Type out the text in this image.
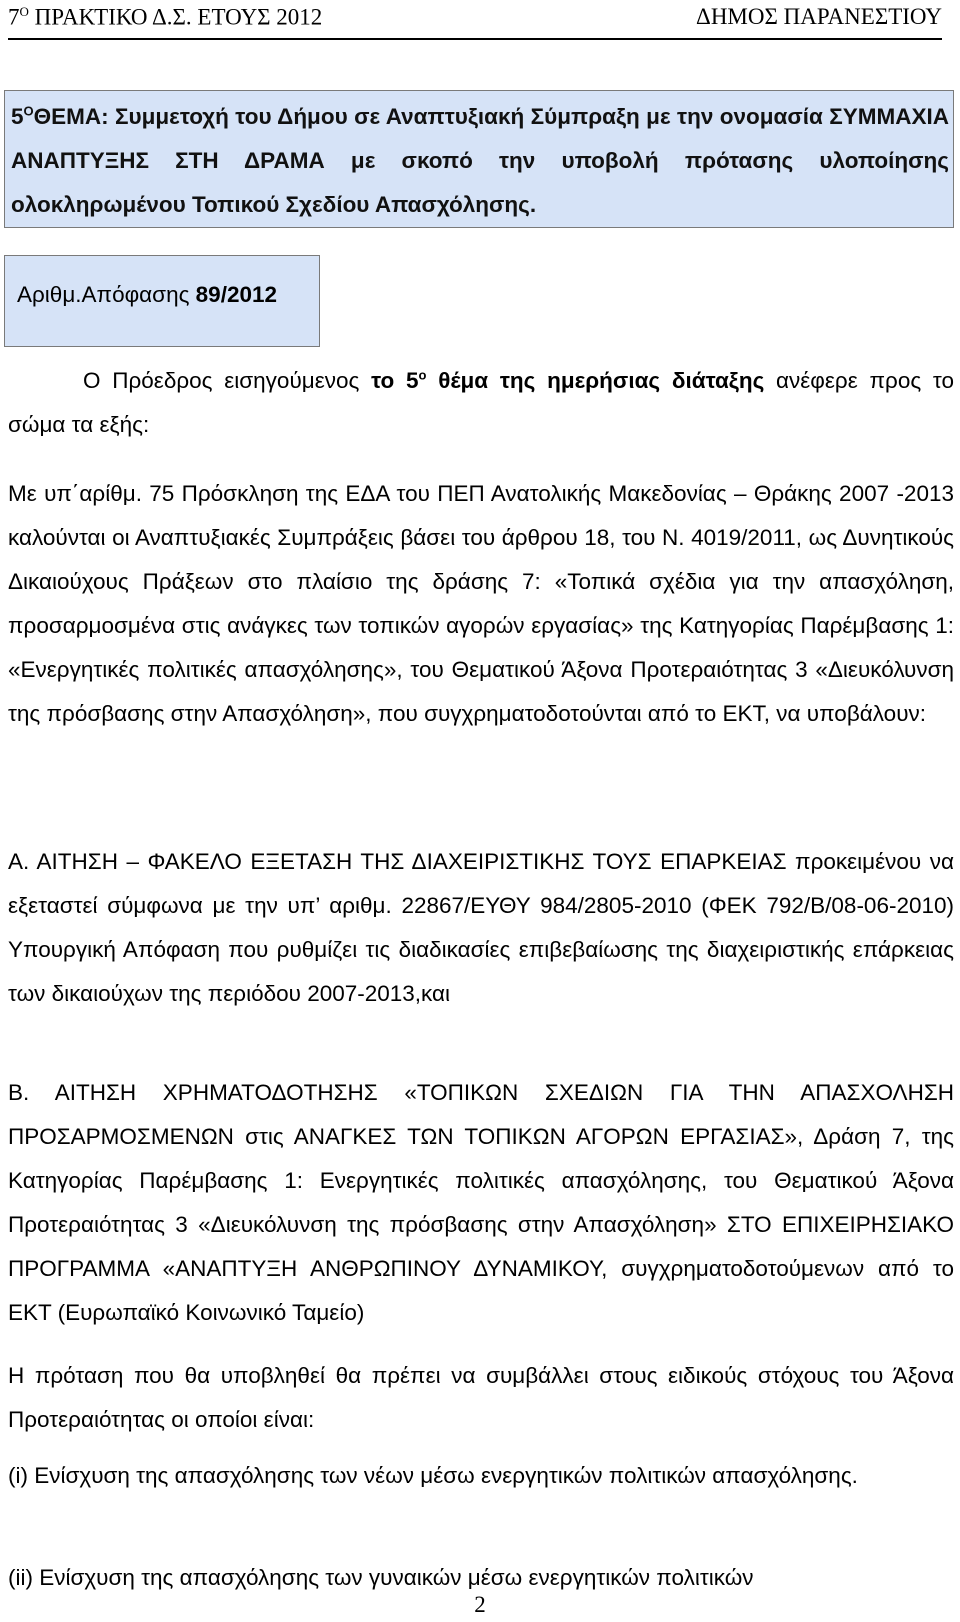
$7^O$ ΠΡΑΚΤΙΚΟ Δ.Σ. ΕΤΟΥΣ 2012	ΔΗΜΟΣ ΠΑΡΑΝΕΣΤΙΟΥ
$5^O\Theta EMA$: Συμμετοχή του Δήμου σε Αναπτυξιακή Σύμπραξη με την ονομασία ΣΥΜΜΑΧΙΑ ΑΝΑΠΤΥΞΗΣ ΣΤΗ ΔΡΑΜΑ με σκοπό την υποβολή πρότασης υλοποίησης ολοκληρωμένου Τοπικού Σχεδίου Απασχόλησης.
Αριθμ.Απόφασης 89/2012
Ο Πρόεδρος εισηγούμενος το $5^o$ θέμα της ημερήσιας διάταξης ανέφερε προς το σώμα τα εξής:
Με υπ΄αρίθμ. 75 Πρόσκληση της ΕΔΑ του ΠΕΠ Ανατολικής Μακεδονίας – Θράκης 2007 -2013 καλούνται οι Αναπτυξιακές Συμπράξεις βάσει του άρθρου 18, του Ν. 4019/2011, ως Δυνητικούς Δικαιούχους Πράξεων στο πλαίσιο της δράσης 7: «Τοπικά σχέδια για την απασχόληση, προσαρμοσμένα στις ανάγκες των τοπικών αγορών εργασίας» της Κατηγορίας Παρέμβασης 1: «Ενεργητικές πολιτικές απασχόλησης», του Θεματικού Άξονα Προτεραιότητας 3 «Διευκόλυνση της πρόσβασης στην Απασχόληση», που συγχρηματοδοτούνται από το ΕΚΤ, να υποβάλουν:
Α. ΑΙΤΗΣΗ – ΦΑΚΕΛΟ ΕΞΕΤΑΣΗ ΤΗΣ ΔΙΑΧΕΙΡΙΣΤΙΚΗΣ ΤΟΥΣ ΕΠΑΡΚΕΙΑΣ προκειμένου να εξεταστεί σύμφωνα με την υπ’ αριθμ. 22867/ΕΥΘΥ 984/2805-2010 (ΦΕΚ 792/Β/08-06-2010) Υπουργική Απόφαση που ρυθμίζει τις διαδικασίες επιβεβαίωσης της διαχειριστικής επάρκειας των δικαιούχων της περιόδου 2007-2013,και
Β. ΑΙΤΗΣΗ ΧΡΗΜΑΤΟΔΟΤΗΣΗΣ «ΤΟΠΙΚΩΝ ΣΧΕΔΙΩΝ ΓΙΑ ΤΗΝ ΑΠΑΣΧΟΛΗΣΗ ΠΡΟΣΑΡΜΟΣΜΕΝΩΝ στις ΑΝΑΓΚΕΣ ΤΩΝ ΤΟΠΙΚΩΝ ΑΓΟΡΩΝ ΕΡΓΑΣΙΑΣ», Δράση 7, της Κατηγορίας Παρέμβασης 1: Ενεργητικές πολιτικές απασχόλησης, του Θεματικού Άξονα Προτεραιότητας 3 «Διευκόλυνση της πρόσβασης στην Απασχόληση» ΣΤΟ ΕΠΙΧΕΙΡΗΣΙΑΚΟ ΠΡΟΓΡΑΜΜΑ «ΑΝΑΠΤΥΞΗ ΑΝΘΡΩΠΙΝΟΥ ΔΥΝΑΜΙΚΟΥ, συγχρηματοδοτούμενων από το ΕΚΤ (Ευρωπαϊκό Κοινωνικό Ταμείο)
Η πρόταση που θα υποβληθεί θα πρέπει να συμβάλλει στους ειδικούς στόχους του Άξονα Προτεραιότητας οι οποίοι είναι:
(i) Ενίσχυση της απασχόλησης των νέων μέσω ενεργητικών πολιτικών απασχόλησης.
(ii) Ενίσχυση της απασχόλησης των γυναικών μέσω ενεργητικών πολιτικών
2
